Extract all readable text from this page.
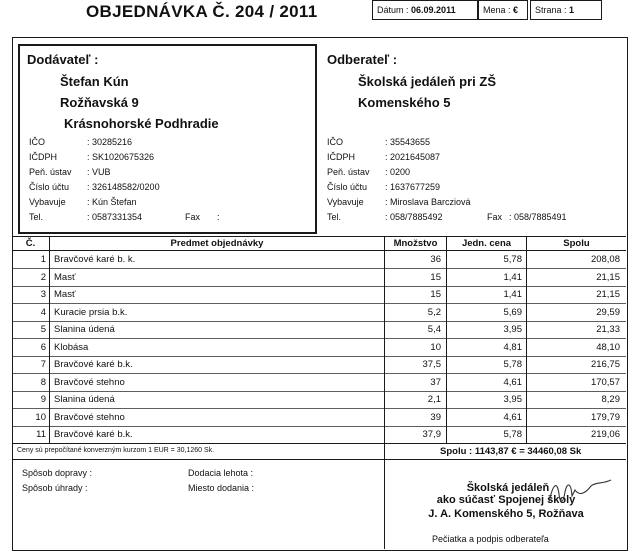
OBJEDNÁVKA Č. 204 / 2011	Dátum : 06.09.2011	Mena : €	Strana : 1
Dodávateľ :
Štefan Kún
Rožňavská 9
Krásnohorské Podhradie
IČO	: 30285216
IČDPH	: SK1020675326
Peň. ústav : VUB
Číslo účtu : 326148582/0200
Vybavuje : Kún Štefan
Tel.	: 0587331354	Fax :
Odberateľ :
Školská jedáleň pri ZŠ
Komenského 5
IČO	: 35543655
IČDPH	: 2021645087
Peň. ústav : 0200
Číslo účtu : 1637677259
Vybavuje : Miroslava Barcziová
Tel.	: 058/7885492	Fax : 058/7885491
Č.	Predmet objednávky	Množstvo	Jedn. cena	Spolu
1 Bravčové karé b. k.	36	5,78	208,08
2 Masť	15	1,41	21,15
3 Masť	15	1,41	21,15
4 Kuracie prsia b.k.	5,2	5,69	29,59
5 Slanina údená	5,4	3,95	21,33
6 Klobása	10	4,81	48,10
7 Bravčové karé b.k.	37,5	5,78	216,75
8 Bravčové stehno	37	4,61	170,57
9 Slanina údená	2,1	3,95	8,29
10 Bravčové stehno	39	4,61	179,79
11 Bravčové karé b.k.	37,9	5,78	219,06
Ceny sú prepočítané konverzným kurzom 1 EUR = 30,1260 Sk.	Spolu : 1143,87 € = 34460,08 Sk
Spôsob dopravy :
Spôsob úhrady :
Dodacia lehota :
Miesto dodania :	Školská jedáleň
ako súčasť Spojenej školy
J. A. Komenského 5, Rožňava
Pečiatka a podpis odberateľa
